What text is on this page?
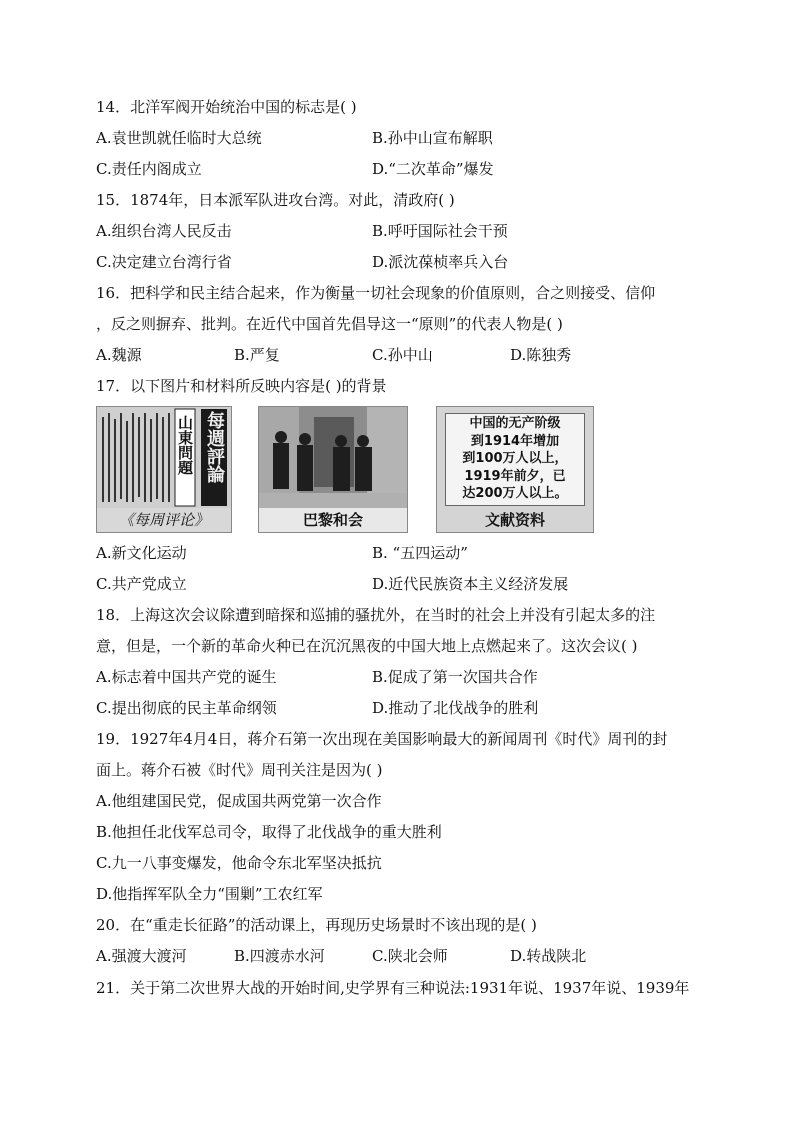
14．北洋军阀开始统治中国的标志是( )
A.袁世凯就任临时大总统	B.孙中山宣布解职
C.责任内阁成立	D.“二次革命”爆发
15．1874年，日本派军队进攻台湾。对此，清政府( )
A.组织台湾人民反击	B.呼吁国际社会干预
C.决定建立台湾行省	D.派沈葆桢率兵入台
16．把科学和民主结合起来，作为衡量一切社会现象的价值原则，合之则接受、信仰
，反之则摒弃、批判。在近代中国首先倡导这一“原则”的代表人物是( )
A.魏源	B.严复	C.孙中山	D.陈独秀
17．以下图片和材料所反映内容是( )的背景
山東問題 每週評論
《每周评论》	巴黎和会
中国的无产阶级
到1914年增加
到100万人以上，
1919年前夕，已
达200万人以上。
文献资料
A.新文化运动	B. “五四运动”
C.共产党成立	D.近代民族资本主义经济发展
18．上海这次会议除遭到暗探和巡捕的骚扰外，在当时的社会上并没有引起太多的注
意，但是，一个新的革命火种已在沉沉黑夜的中国大地上点燃起来了。这次会议( )
A.标志着中国共产党的诞生	B.促成了第一次国共合作
C.提出彻底的民主革命纲领	D.推动了北伐战争的胜利
19．1927年4月4日，蒋介石第一次出现在美国影响最大的新闻周刊《时代》周刊的封
面上。蒋介石被《时代》周刊关注是因为( )
A.他组建国民党，促成国共两党第一次合作
B.他担任北伐军总司令，取得了北伐战争的重大胜利
C.九一八事变爆发，他命令东北军坚决抵抗
D.他指挥军队全力“围剿”工农红军
20．在“重走长征路”的活动课上，再现历史场景时不该出现的是( )
A.强渡大渡河	B.四渡赤水河	C.陕北会师	D.转战陕北
21．关于第二次世界大战的开始时间,史学界有三种说法:1931年说、1937年说、1939年
